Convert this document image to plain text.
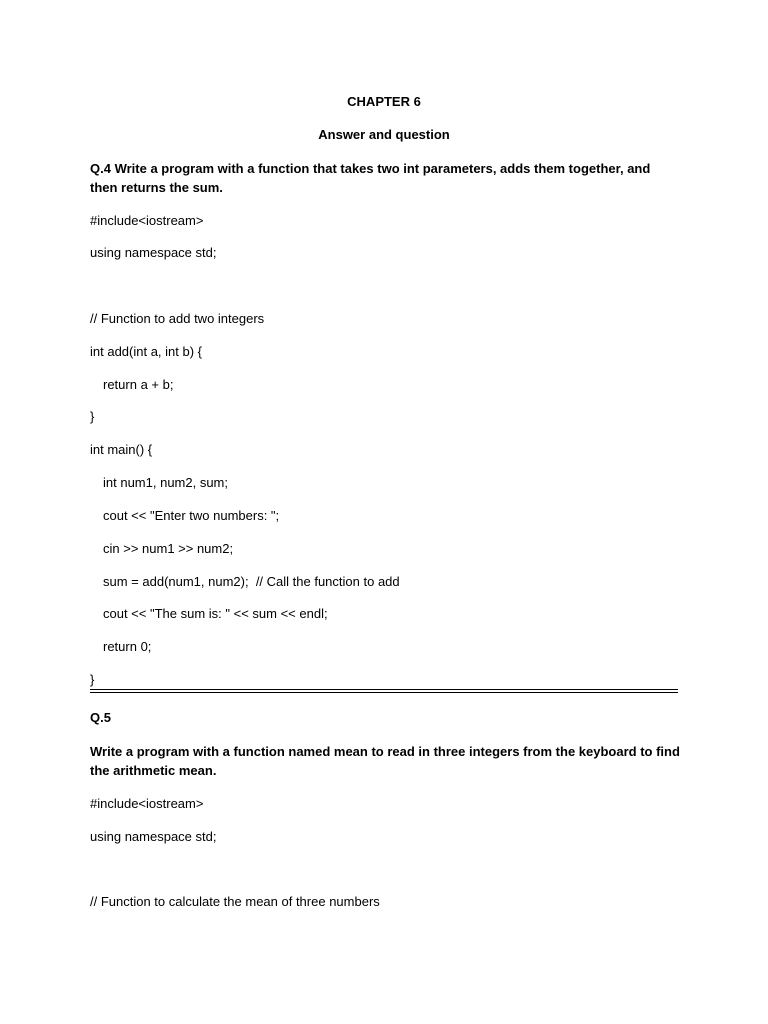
CHAPTER 6
Answer and question
Q.4 Write a program with a function that takes two int parameters, adds them together, and then returns the sum.
#include<iostream>
using namespace std;
// Function to add two integers
int add(int a, int b) {
return a + b;
}
int main() {
int num1, num2, sum;
cout << "Enter two numbers: ";
cin >> num1 >> num2;
sum = add(num1, num2);  // Call the function to add
cout << "The sum is: " << sum << endl;
return 0;
}
Q.5
Write a program with a function named mean to read in three integers from the keyboard to find the arithmetic mean.
#include<iostream>
using namespace std;
// Function to calculate the mean of three numbers
